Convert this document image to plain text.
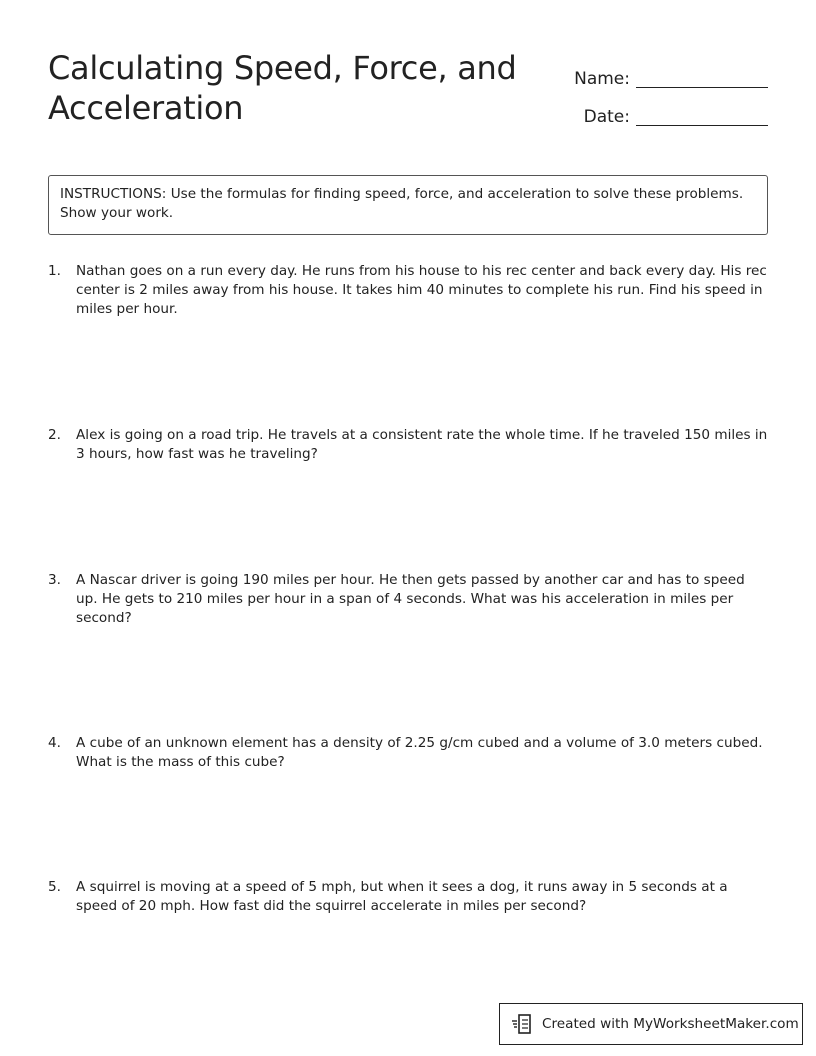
Calculating Speed, Force, and Acceleration
Name:
Date:
INSTRUCTIONS: Use the formulas for finding speed, force, and acceleration to solve these problems. Show your work.
1.	Nathan goes on a run every day. He runs from his house to his rec center and back every day. His rec center is 2 miles away from his house. It takes him 40 minutes to complete his run. Find his speed in miles per hour.
2.	Alex is going on a road trip. He travels at a consistent rate the whole time. If he traveled 150 miles in 3 hours, how fast was he traveling?
3.	A Nascar driver is going 190 miles per hour. He then gets passed by another car and has to speed up. He gets to 210 miles per hour in a span of 4 seconds. What was his acceleration in miles per second?
4.	A cube of an unknown element has a density of 2.25 g/cm cubed and a volume of 3.0 meters cubed. What is the mass of this cube?
5.	A squirrel is moving at a speed of 5 mph, but when it sees a dog, it runs away in 5 seconds at a speed of 20 mph. How fast did the squirrel accelerate in miles per second?
Created with MyWorksheetMaker.com
